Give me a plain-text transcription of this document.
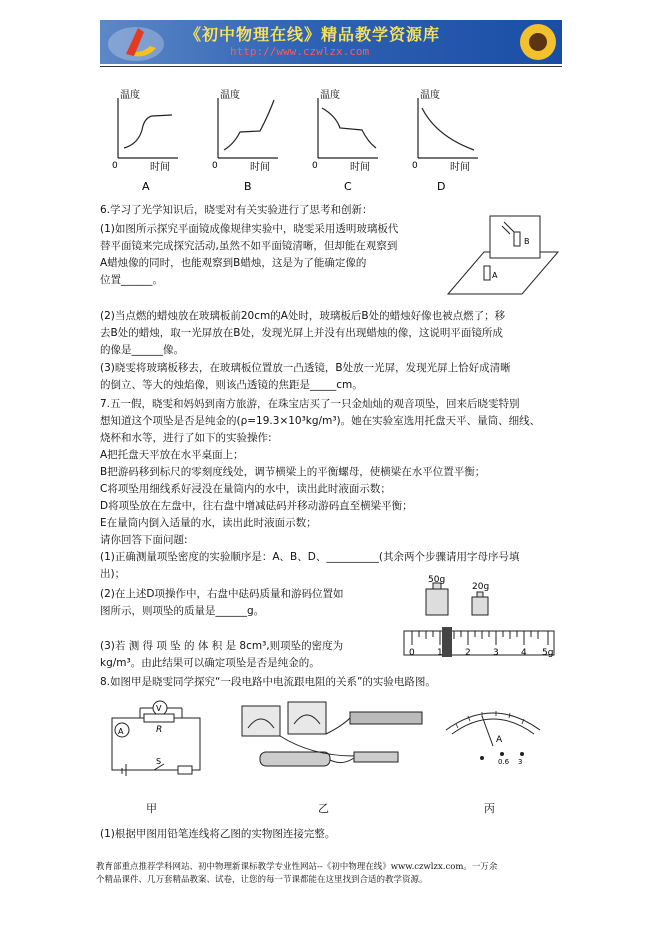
《初中物理在线》精品教学资源库
http://www.czwlzx.com
温度	温度	温度	温度
时间	时间	时间	时间
0	0	0	0
A	B	C	D
6.学习了光学知识后，晓雯对有关实验进行了思考和创新：
(1)如图所示探究平面镜成像规律实验中，晓雯采用透明玻璃板代
替平面镜来完成探究活动,虽然不如平面镜清晰，但却能在观察到
A蜡烛像的同时，也能观察到B蜡烛，这是为了能确定像的
位置______。
B
A
(2)当点燃的蜡烛放在玻璃板前20cm的A处时，玻璃板后B处的蜡烛好像也被点燃了；移
去B处的蜡烛，取一光屏放在B处，发现光屏上并没有出现蜡烛的像，这说明平面镜所成
的像是______像。
(3)晓雯将玻璃板移去，在玻璃板位置放一凸透镜，B处放一光屏，发现光屏上恰好成清晰
的倒立、等大的烛焰像，则该凸透镜的焦距是_____cm。
7.五一假，晓雯和妈妈到南方旅游，在珠宝店买了一只金灿灿的观音项坠，回来后晓雯特别
想知道这个项坠是否是纯金的(ρ=19.3×10³kg/m³)。她在实验室选用托盘天平、量筒、细线、
烧杯和水等，进行了如下的实验操作:
A把托盘天平放在水平桌面上；
B把游码移到标尺的零刻度线处，调节横梁上的平衡螺母，使横梁在水平位置平衡；
C将项坠用细线系好浸没在量筒内的水中，读出此时液面示数；
D将项坠放在左盘中，往右盘中增减砝码并移动游码直至横梁平衡；
E在量筒内倒入适量的水，读出此时液面示数；
请你回答下面问题:
(1)正确测量项坠密度的实验顺序是：A、B、D、__________(其余两个步骤请用字母序号填
出)；
(2)在上述D项操作中，右盘中砝码质量和游码位置如
图所示，则项坠的质量是______g。
(3)若 测 得 项 坠 的 体 积 是 8cm³,则项坠的密度为
kg/m³。由此结果可以确定项坠是否是纯金的。
50g
20g
0 1 2 3 4 5g
8.如图甲是晓雯同学探究“一段电路中电流跟电阻的关系”的实验电路图。
A
V
R
S
A
0.6 3
甲	乙	丙
(1)根据甲图用铅笔连线将乙图的实物图连接完整。
教育部重点推荐学科网站、初中物理新课标教学专业性网站--《初中物理在线》www.czwlzx.com。一万余
个精品课件、几万套精品教案、试卷，让您的每一节课都能在这里找到合适的教学资源。
